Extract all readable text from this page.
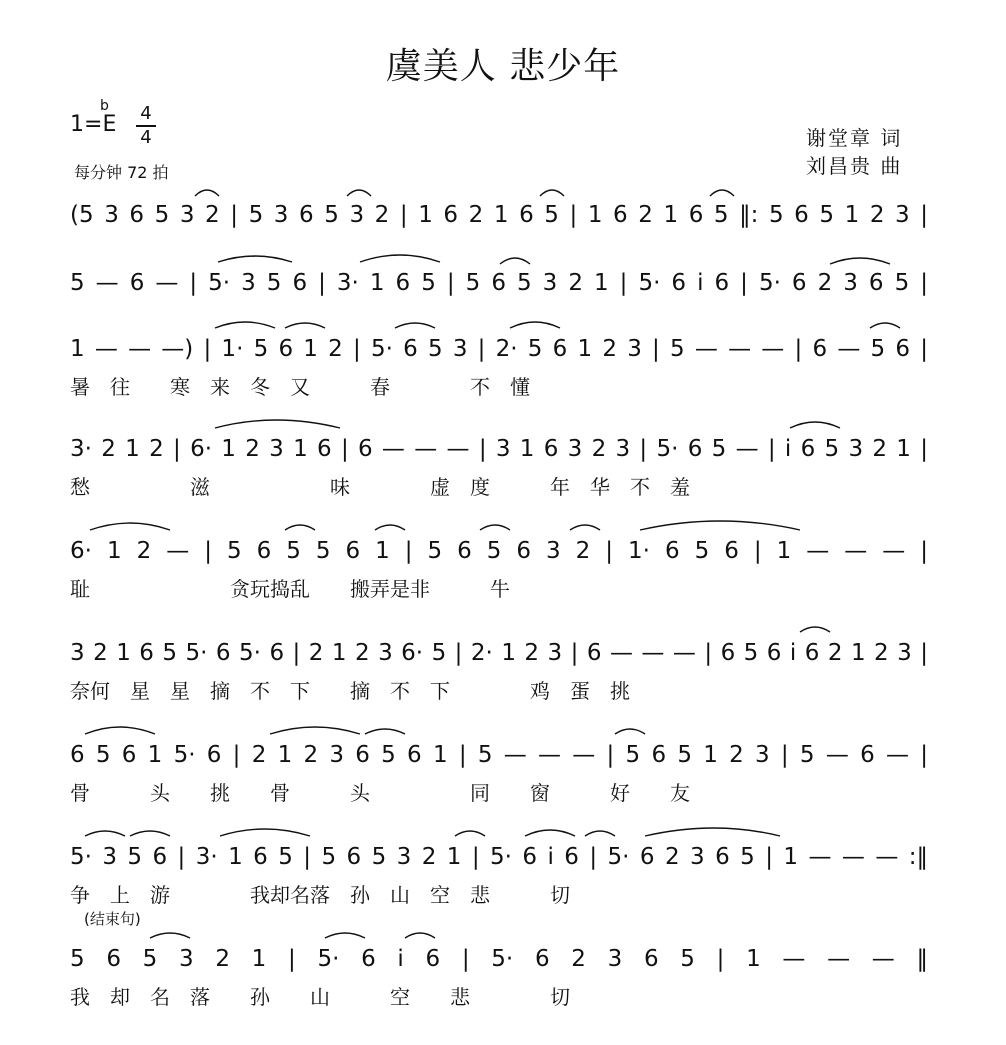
虞美人 悲少年
1=
b
E 4
4
每分钟 72 拍
谢堂章 词
刘昌贵 曲
(5 3 6 5 3 2 | 5 3 6 5 3 2 | 1 6 2 1 6 5 | 1 6 2 1 6 5 ‖: 5 6 5 1 2 3 |
5 — 6 — | 5· 3 5 6 | 3· 1 6 5 | 5 6 5 3 2 1 | 5· 6 i 6 | 5· 6 2 3 6 5 |
1 — — —) | 1· 5 6 1 2 | 5· 6 5 3 | 2· 5 6 1 2 3 | 5 — — — | 6 — 5 6 |
暑　往　　寒　来　冬　又　　　春　　　　不　懂
3· 2 1 2 | 6· 1 2 3 1 6 | 6 — — — | 3 1 6 3 2 3 | 5· 6 5 — | i 6 5 3 2 1 |
愁　　　　　滋　　　　　　味　　　　虚　度　　　年　华　不　羞
6· 1 2 — | 5 6 5 5 6 1 | 5 6 5 6 3 2 | 1· 6 5 6 | 1 — — — |
耻　　　　　　　贪玩捣乱　　搬弄是非　　　牛
3 2 1 6 5 5· 6 5· 6 | 2 1 2 3 6· 5 | 2· 1 2 3 | 6 — — — | 6 5 6 i 6 2 1 2 3 |
奈何　星　星　摘　不　下　　摘　不　下　　　　鸡　蛋　挑
6 5 6 1 5· 6 | 2 1 2 3 6 5 6 1 | 5 — — — | 5 6 5 1 2 3 | 5 — 6 — |
骨　　　头　　挑　　骨　　　头　　　　　同　　窗　　　好　　友
5· 3 5 6 | 3· 1 6 5 | 5 6 5 3 2 1 | 5· 6 i 6 | 5· 6 2 3 6 5 | 1 — — — :‖
争　上　游　　　　我却名落　孙　山　空　悲　　　切
(结束句)
5 6 5 3 2 1 | 5· 6 i 6 | 5· 6 2 3 6 5 | 1 — — — ‖
我　却　名　落　　孙　　山　　　空　　悲　　　　切
